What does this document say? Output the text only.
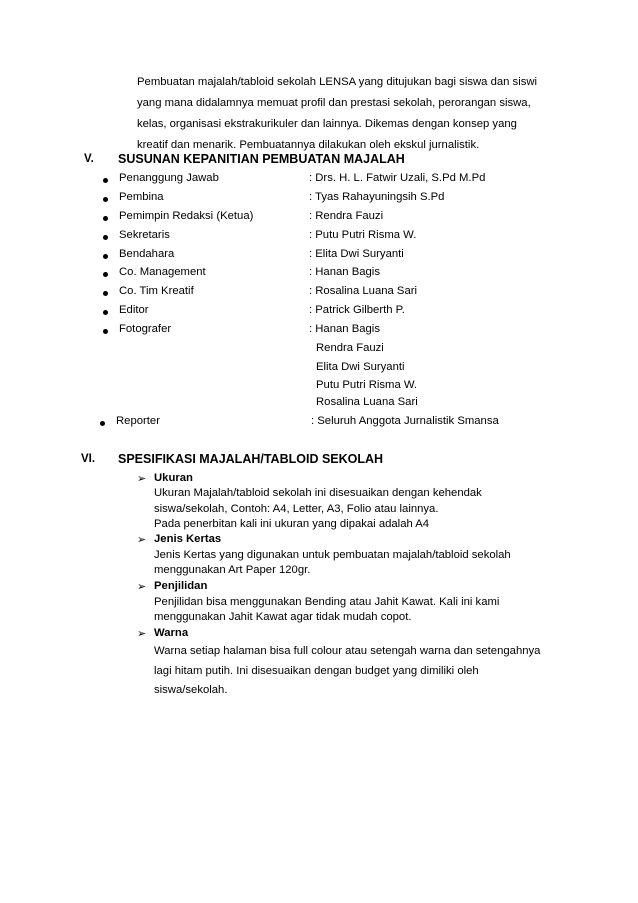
Pembuatan majalah/tabloid sekolah LENSA yang ditujukan bagi siswa dan siswi
yang mana didalamnya memuat profil dan prestasi sekolah, perorangan siswa,
kelas, organisasi ekstrakurikuler dan lainnya. Dikemas dengan konsep yang
kreatif dan menarik. Pembuatannya dilakukan oleh ekskul jurnalistik.
V. SUSUNAN KEPANITIAN PEMBUATAN MAJALAH
Penanggung Jawab	: Drs. H. L. Fatwir Uzali, S.Pd M.Pd
Pembina	: Tyas Rahayuningsih S.Pd
Pemimpin Redaksi (Ketua)	: Rendra Fauzi
Sekretaris	: Putu Putri Risma W.
Bendahara	: Elita Dwi Suryanti
Co. Management	: Hanan Bagis
Co. Tim Kreatif	: Rosalina Luana Sari
Editor	: Patrick Gilberth P.
Fotografer	: Hanan Bagis
Rendra Fauzi
Elita Dwi Suryanti
Putu Putri Risma W.
Rosalina Luana Sari
Reporter	: Seluruh Anggota Jurnalistik Smansa
VI. SPESIFIKASI MAJALAH/TABLOID SEKOLAH
➢ Ukuran
Ukuran Majalah/tabloid sekolah ini disesuaikan dengan kehendak
siswa/sekolah, Contoh: A4, Letter, A3, Folio atau lainnya.
Pada penerbitan kali ini ukuran yang dipakai adalah A4
➢ Jenis Kertas
Jenis Kertas yang digunakan untuk pembuatan majalah/tabloid sekolah
menggunakan Art Paper 120gr.
➢ Penjilidan
Penjilidan bisa menggunakan Bending atau Jahit Kawat. Kali ini kami
menggunakan Jahit Kawat agar tidak mudah copot.
➢ Warna
Warna setiap halaman bisa full colour atau setengah warna dan setengahnya
lagi hitam putih. Ini disesuaikan dengan budget yang dimiliki oleh
siswa/sekolah.
